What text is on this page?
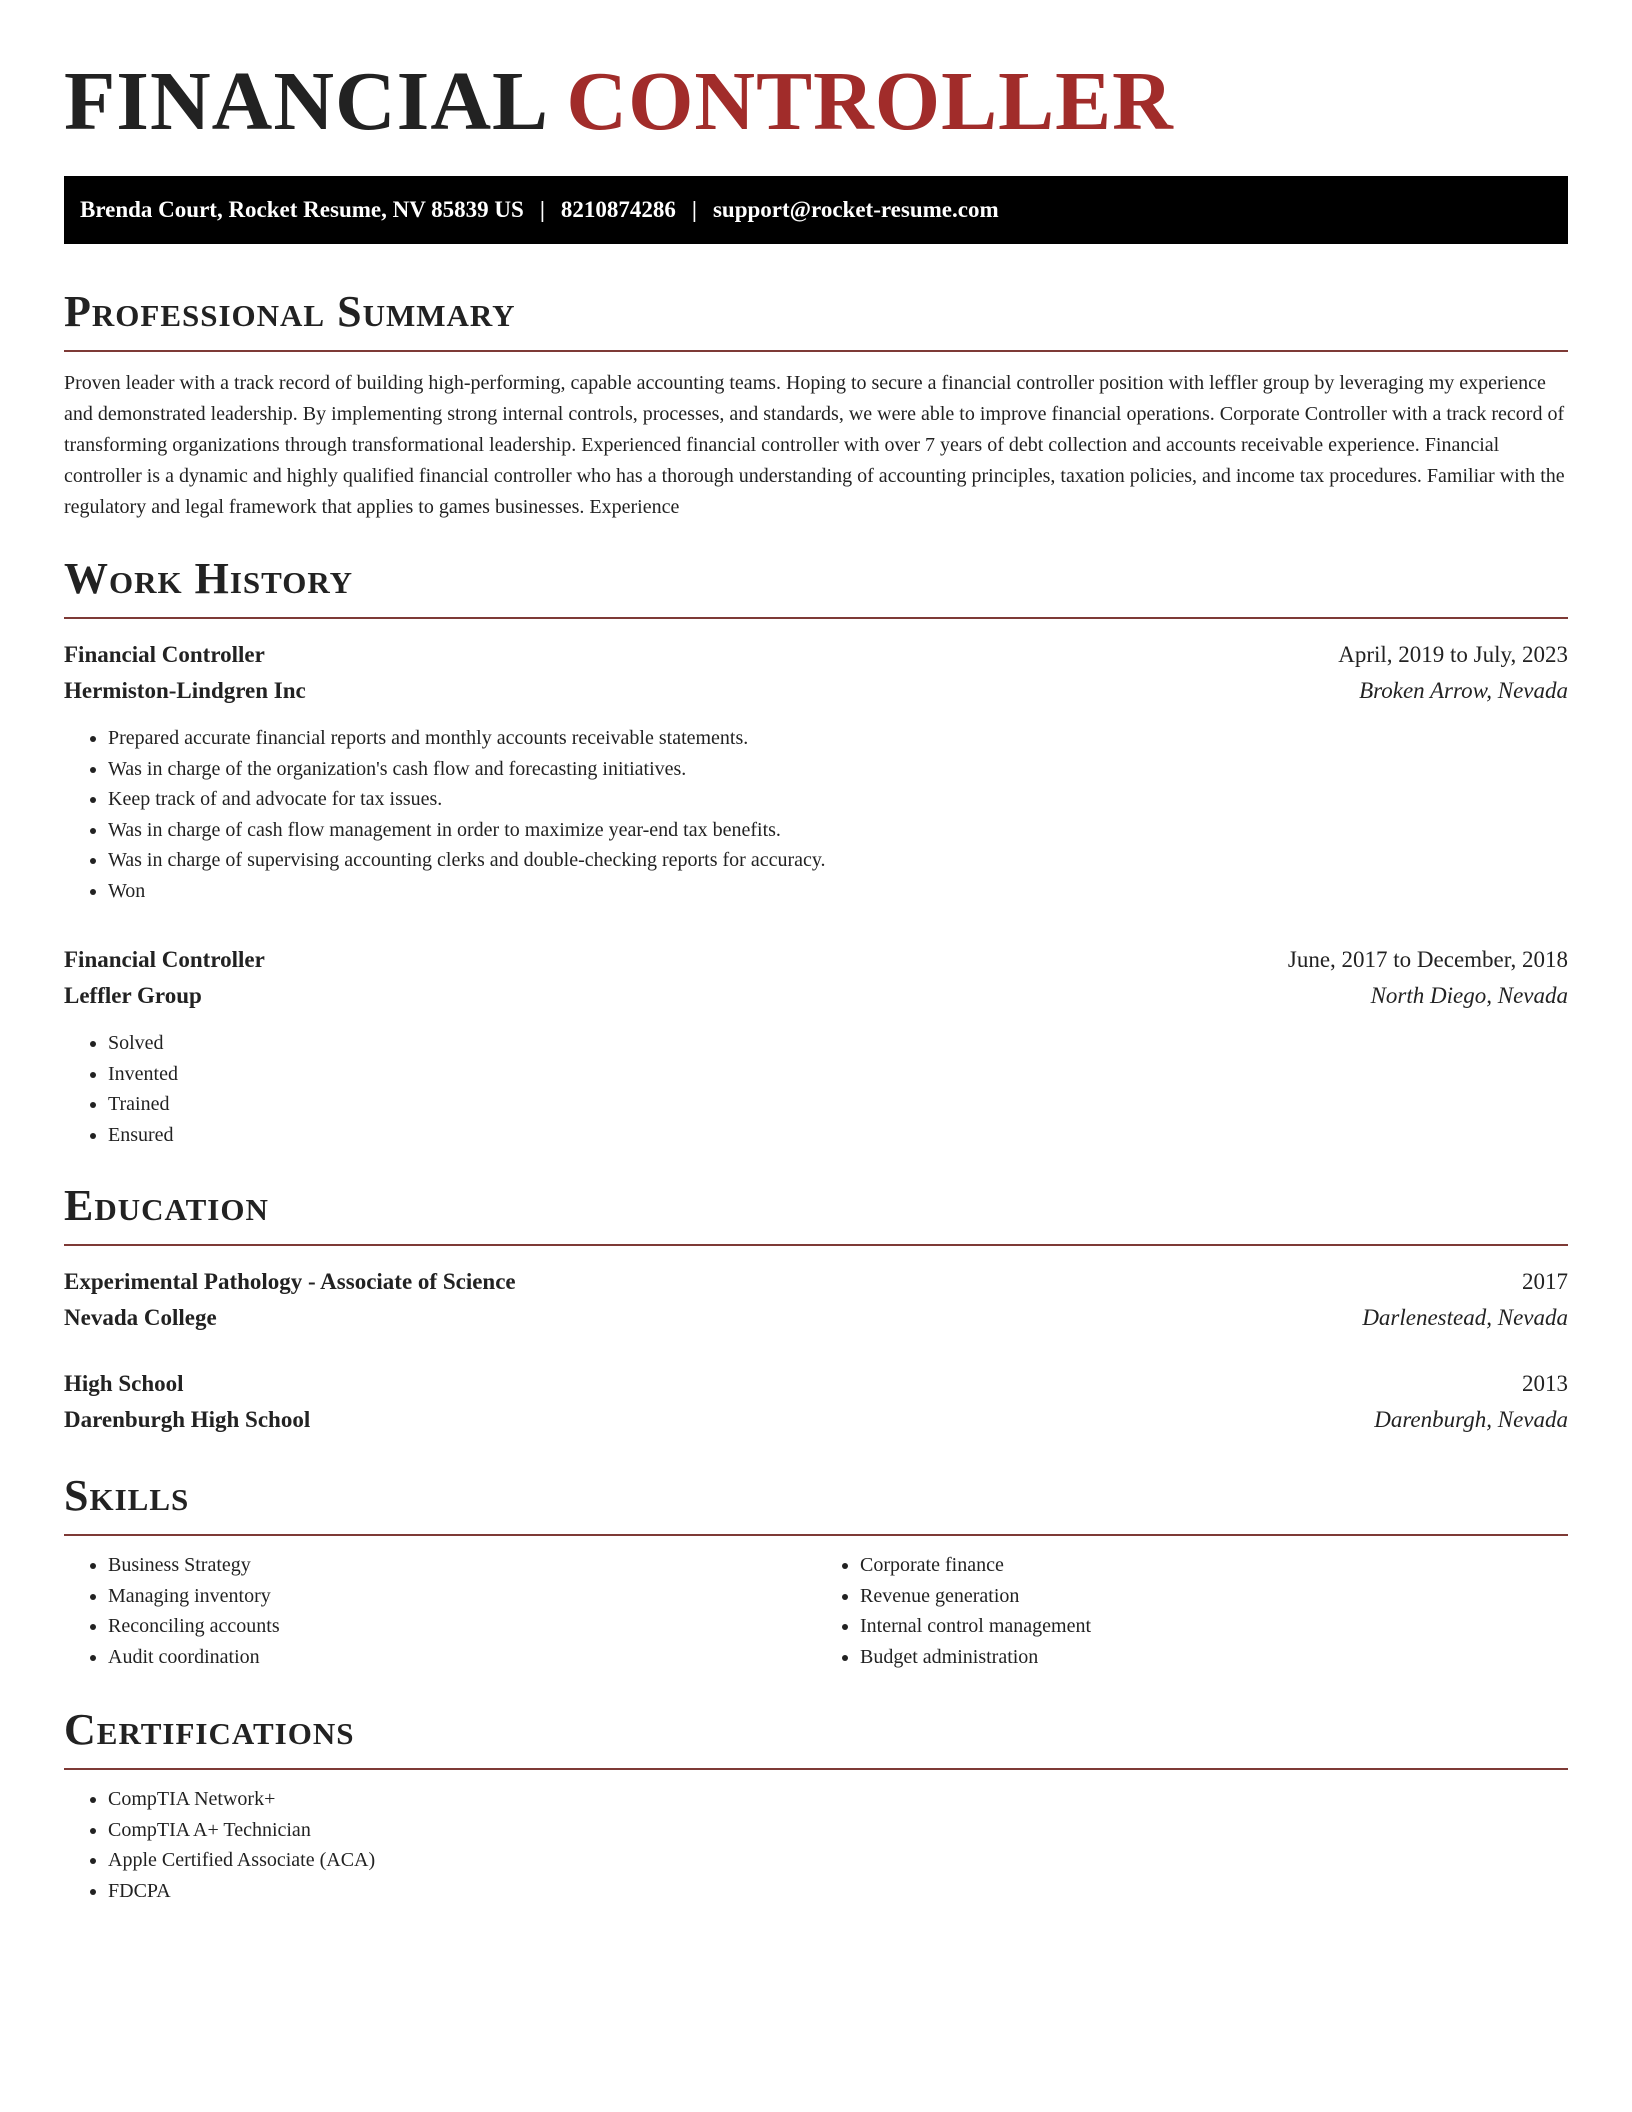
FINANCIAL CONTROLLER
Brenda Court, Rocket Resume, NV 85839 US | 8210874286 | support@rocket-resume.com
Professional Summary

Proven leader with a track record of building high-performing, capable accounting teams. Hoping to secure a financial controller position with leffler group by leveraging my experience and demonstrated leadership. By implementing strong internal controls, processes, and standards, we were able to improve financial operations. Corporate Controller with a track record of transforming organizations through transformational leadership. Experienced financial controller with over 7 years of debt collection and accounts receivable experience. Financial controller is a dynamic and highly qualified financial controller who has a thorough understanding of accounting principles, taxation policies, and income tax procedures. Familiar with the regulatory and legal framework that applies to games businesses. Experience

Work History
Financial Controller	April, 2019 to July, 2023
Hermiston-Lindgren Inc	Broken Arrow, Nevada
• Prepared accurate financial reports and monthly accounts receivable statements.
• Was in charge of the organization's cash flow and forecasting initiatives.
• Keep track of and advocate for tax issues.
• Was in charge of cash flow management in order to maximize year-end tax benefits.
• Was in charge of supervising accounting clerks and double-checking reports for accuracy.
• Won
Financial Controller	June, 2017 to December, 2018
Leffler Group	North Diego, Nevada
• Solved
• Invented
• Trained
• Ensured
Education
Experimental Pathology - Associate of Science	2017
Nevada College	Darlenestead, Nevada
High School	2013
Darenburgh High School	Darenburgh, Nevada
Skills
• Business Strategy
• Managing inventory
• Reconciling accounts
• Audit coordination
• Corporate finance
• Revenue generation
• Internal control management
• Budget administration
Certifications
• CompTIA Network+
• CompTIA A+ Technician
• Apple Certified Associate (ACA)
• FDCPA
